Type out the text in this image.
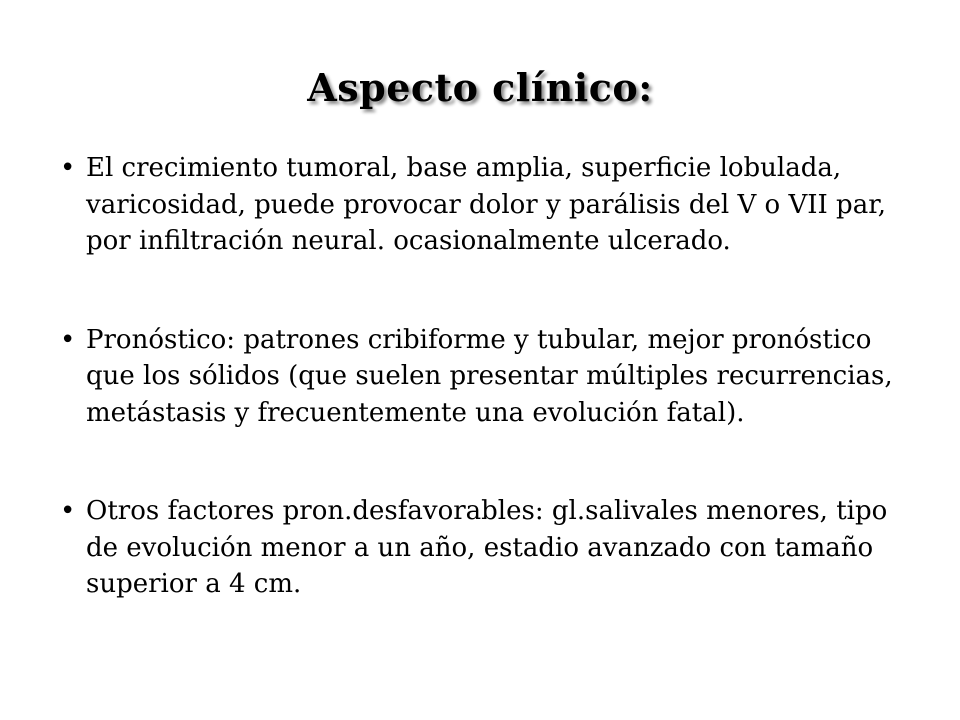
Aspecto clínico:
• El crecimiento tumoral, base amplia, superficie lobulada, varicosidad, puede provocar dolor y parálisis del V o VII par, por infiltración neural. ocasionalmente ulcerado.
• Pronóstico: patrones cribiforme y tubular, mejor pronóstico que los sólidos (que suelen presentar múltiples recurrencias, metástasis y frecuentemente una evolución fatal).
• Otros factores pron.desfavorables: gl.salivales menores, tipo de evolución menor a un año, estadio avanzado con tamaño superior a 4 cm.
